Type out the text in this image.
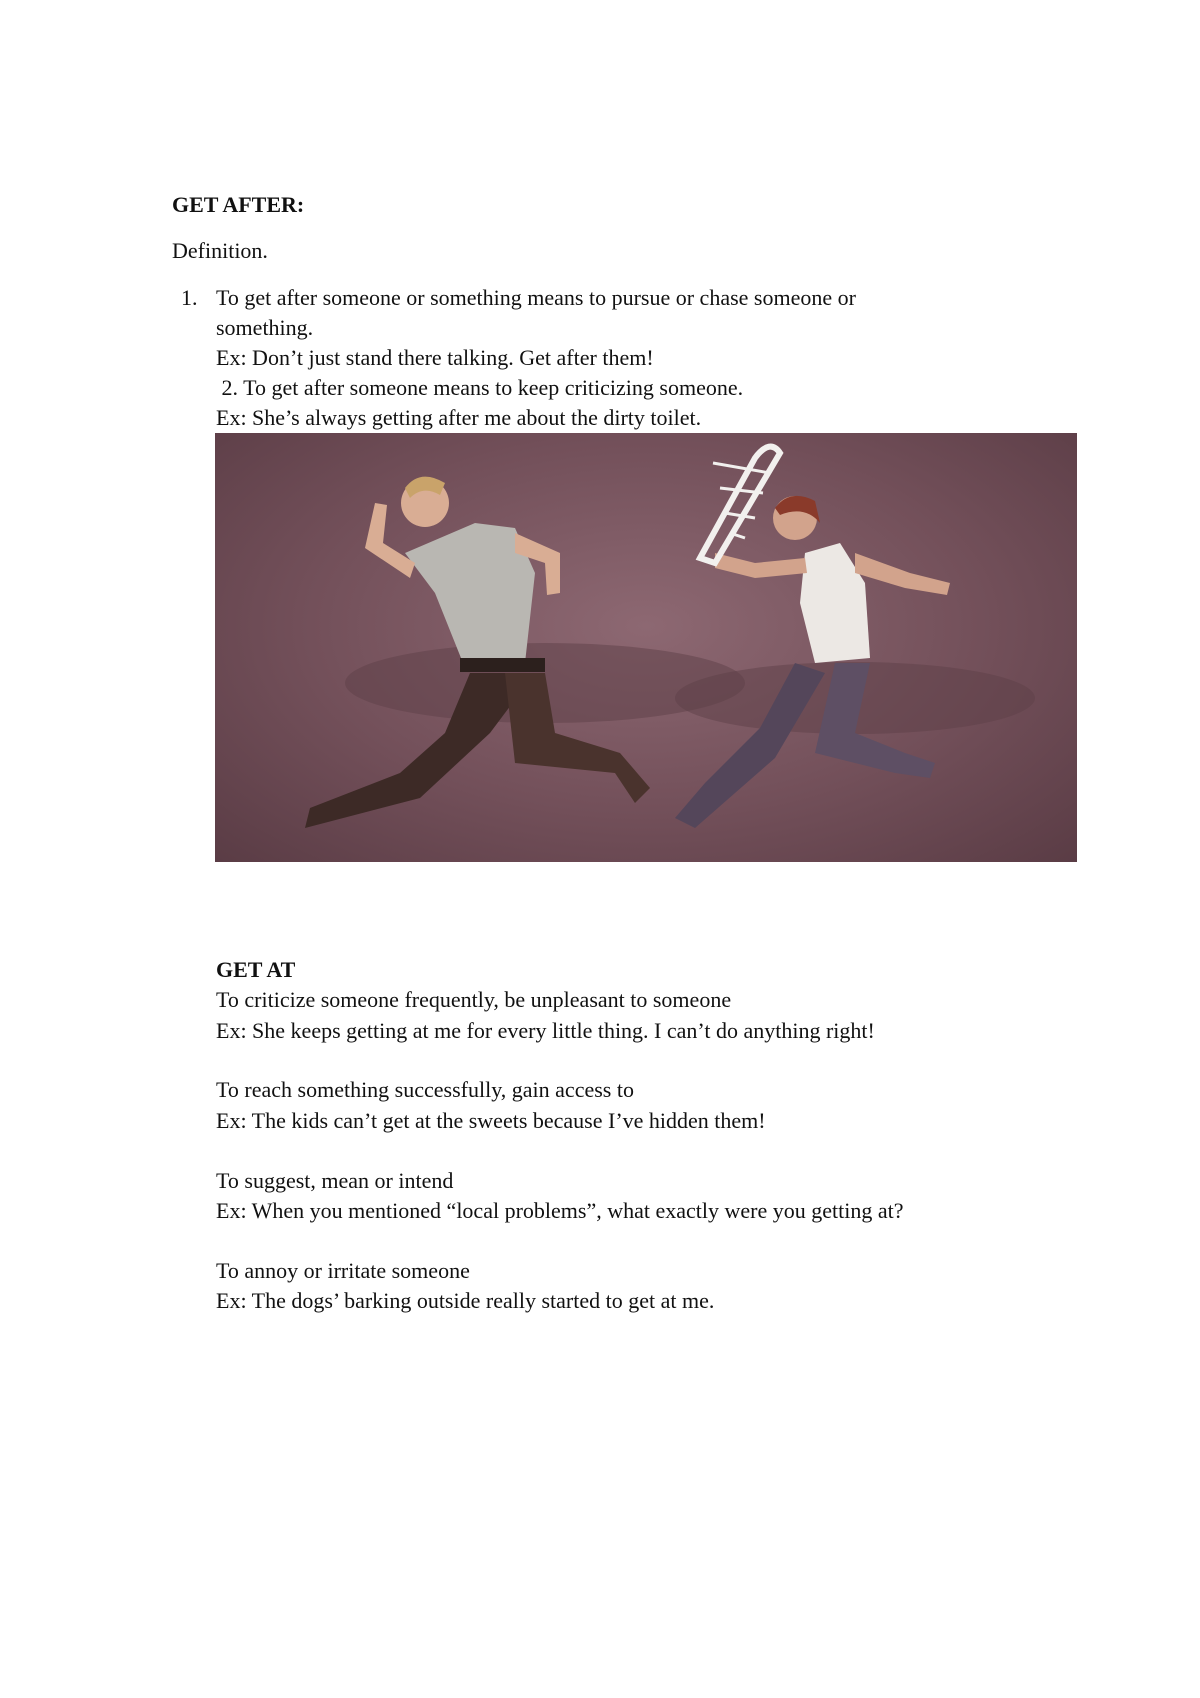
GET AFTER:
Definition.
1. To get after someone or something means to pursue or chase someone or
something.
Ex: Don’t just stand there talking. Get after them!
2. To get after someone means to keep criticizing someone.
Ex: She’s always getting after me about the dirty toilet.
GET AT
To criticize someone frequently, be unpleasant to someone
Ex: She keeps getting at me for every little thing. I can’t do anything right!
To reach something successfully, gain access to
Ex: The kids can’t get at the sweets because I’ve hidden them!
To suggest, mean or intend
Ex: When you mentioned “local problems”, what exactly were you getting at?
To annoy or irritate someone
Ex: The dogs’ barking outside really started to get at me.
